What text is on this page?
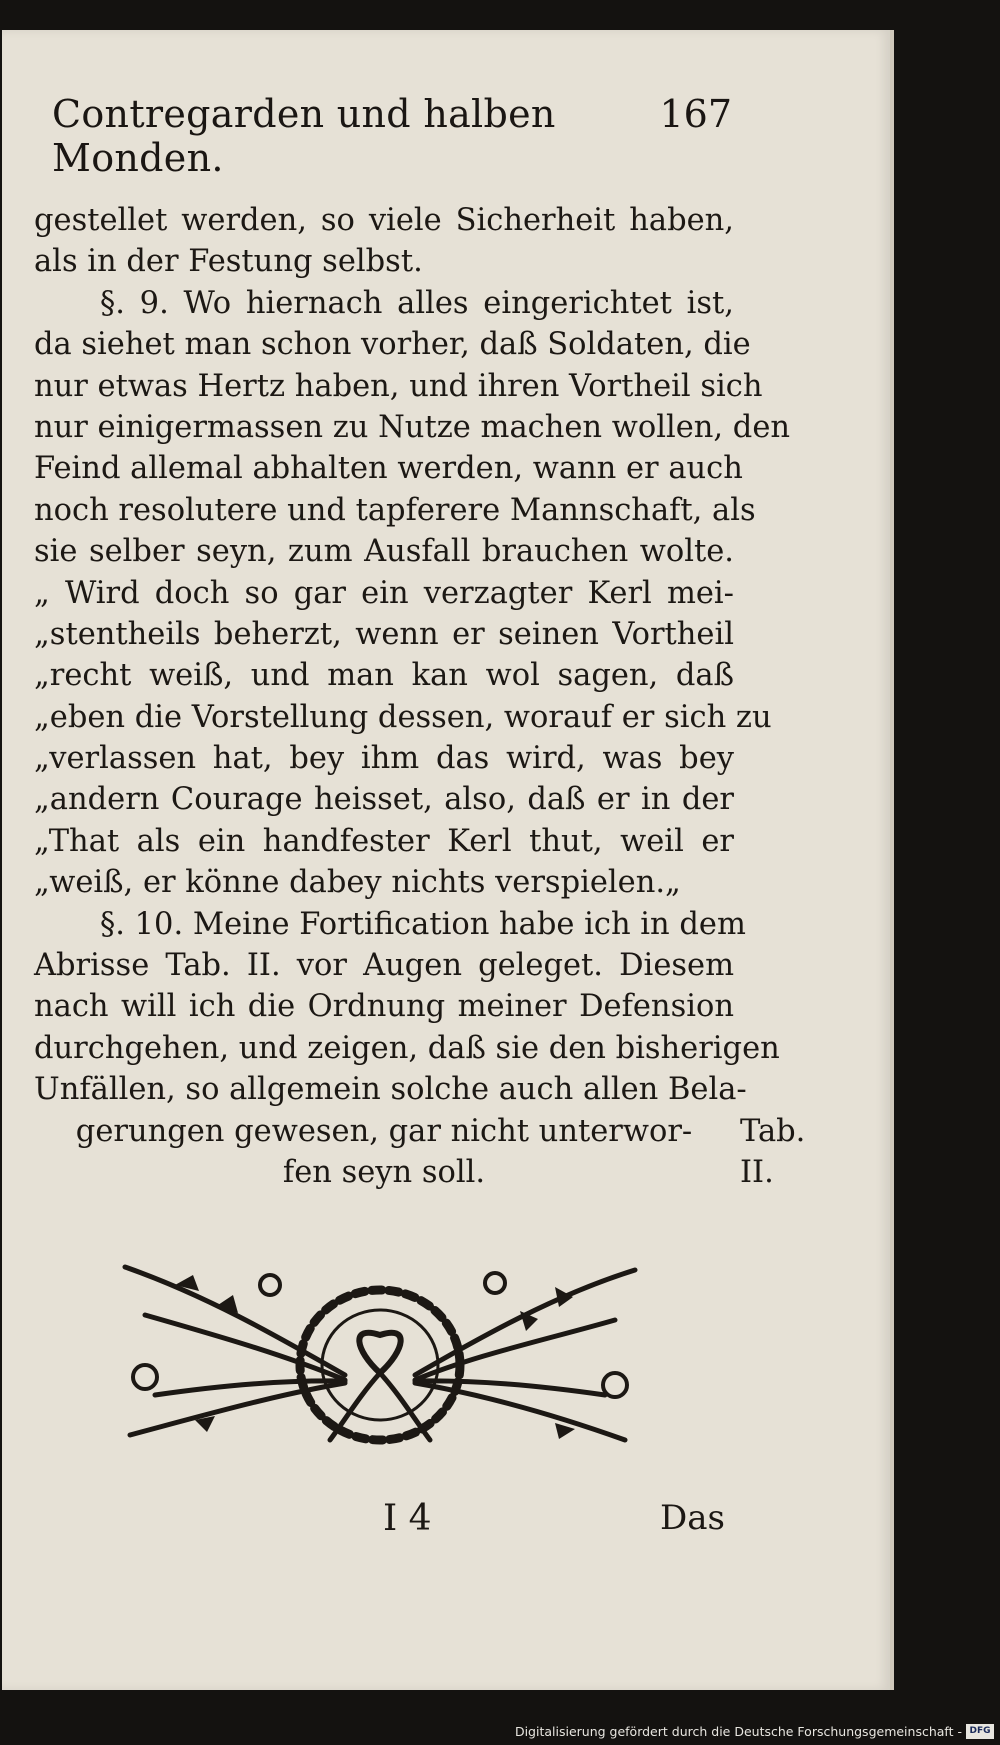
Contregarden und halben Monden.
167
gestellet werden, so viele Sicherheit haben,
als in der Festung selbst.
§. 9. Wo hiernach alles eingerichtet ist,
da siehet man schon vorher, daß Soldaten, die
nur etwas Hertz haben, und ihren Vortheil sich
nur einigermassen zu Nutze machen wollen, den
Feind allemal abhalten werden, wann er auch
noch resolutere und tapferere Mannschaft, als
sie selber seyn, zum Ausfall brauchen wolte.
„ Wird doch so gar ein verzagter Kerl mei-
„stentheils beherzt, wenn er seinen Vortheil
„recht weiß, und man kan wol sagen, daß
„eben die Vorstellung dessen, worauf er sich zu
„verlassen hat, bey ihm das wird, was bey
„andern Courage heisset, also, daß er in der
„That als ein handfester Kerl thut, weil er
„weiß, er könne dabey nichts verspielen.„
§. 10. Meine Fortification habe ich in dem
Abrisse Tab. II. vor Augen geleget. Diesem
nach will ich die Ordnung meiner Defension
durchgehen, und zeigen, daß sie den bisherigen
Unfällen, so allgemein solche auch allen Bela-
gerungen gewesen, gar nicht unterwor-
fen seyn soll.
Tab.
II.
I 4	Das
Digitalisierung gefördert durch die Deutsche Forschungsgemeinschaft - DFG
